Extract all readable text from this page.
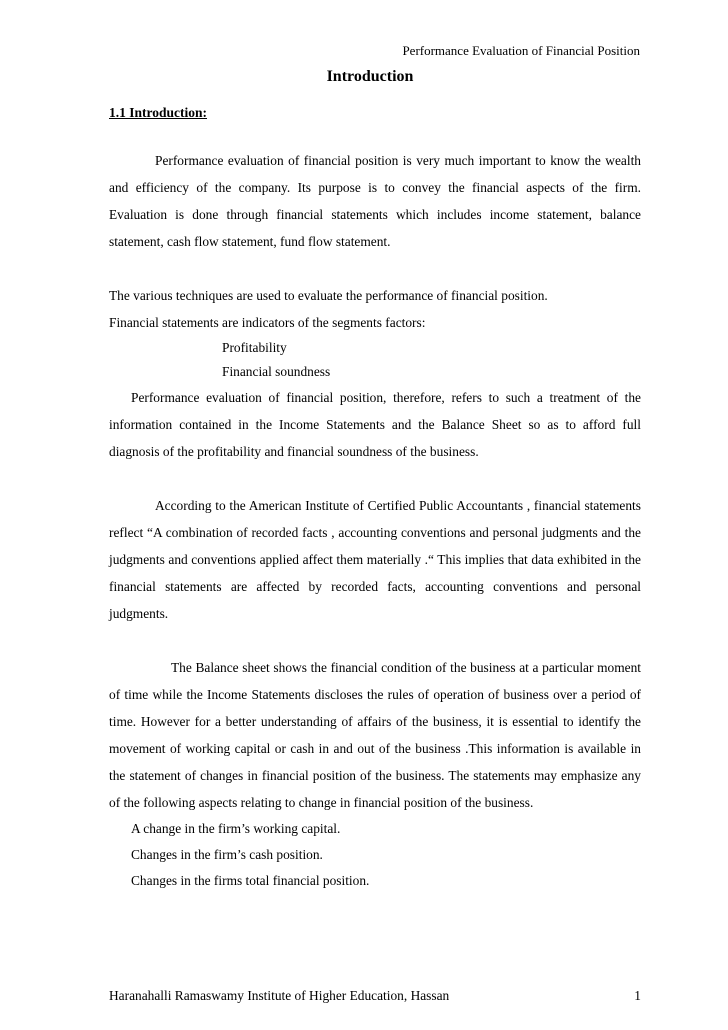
Performance Evaluation of Financial Position
Introduction
1.1 Introduction:

Performance evaluation of financial position is very much important to know the wealth and efficiency of the company. Its purpose is to convey the financial aspects of the firm. Evaluation is done through financial statements which includes income statement, balance statement, cash flow statement, fund flow statement.

The various techniques are used to evaluate the performance of financial position.

Financial statements are indicators of the segments factors:

Profitability

Financial soundness

Performance evaluation of financial position, therefore, refers to such a treatment of the information contained in the Income Statements and the Balance Sheet so as to afford full diagnosis of the profitability and financial soundness of the business.

According to the American Institute of Certified Public Accountants , financial statements reflect “A combination of recorded facts , accounting conventions and personal judgments and the judgments and conventions applied affect them materially .“ This implies that data exhibited in the financial statements are affected by recorded facts, accounting conventions and personal judgments.

The Balance sheet shows the financial condition of the business at a particular moment of time while the Income Statements discloses the rules of operation of business over a period of time. However for a better understanding of affairs of the business, it is essential to identify the movement of working capital or cash in and out of the business .This information is available in the statement of changes in financial position of the business. The statements may emphasize any of the following aspects relating to change in financial position of the business.

A change in the firm’s working capital.

Changes in the firm’s cash position.

Changes in the firms total financial position.

Haranahalli Ramaswamy Institute of Higher Education, Hassan	1
